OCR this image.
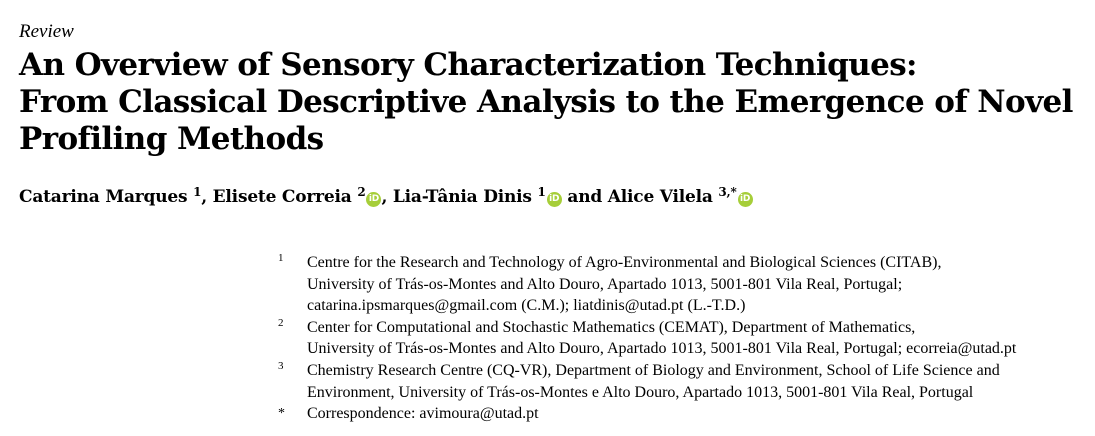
Review
An Overview of Sensory Characterization Techniques:
From Classical Descriptive Analysis to the Emergence of Novel
Profiling Methods
Catarina Marques $^1$, Elisete Correia $^2$ iD , Lia-Tânia Dinis $^1$ iD and Alice Vilela $^{3,*}$ iD
1 Centre for the Research and Technology of Agro-Environmental and Biological Sciences (CITAB),
University of Trás-os-Montes and Alto Douro, Apartado 1013, 5001-801 Vila Real, Portugal;
catarina.ipsmarques@gmail.com (C.M.); liatdinis@utad.pt (L.-T.D.)
2 Center for Computational and Stochastic Mathematics (CEMAT), Department of Mathematics,
University of Trás-os-Montes and Alto Douro, Apartado 1013, 5001-801 Vila Real, Portugal; ecorreia@utad.pt
3 Chemistry Research Centre (CQ-VR), Department of Biology and Environment, School of Life Science and
Environment, University of Trás-os-Montes e Alto Douro, Apartado 1013, 5001-801 Vila Real, Portugal
* Correspondence: avimoura@utad.pt
